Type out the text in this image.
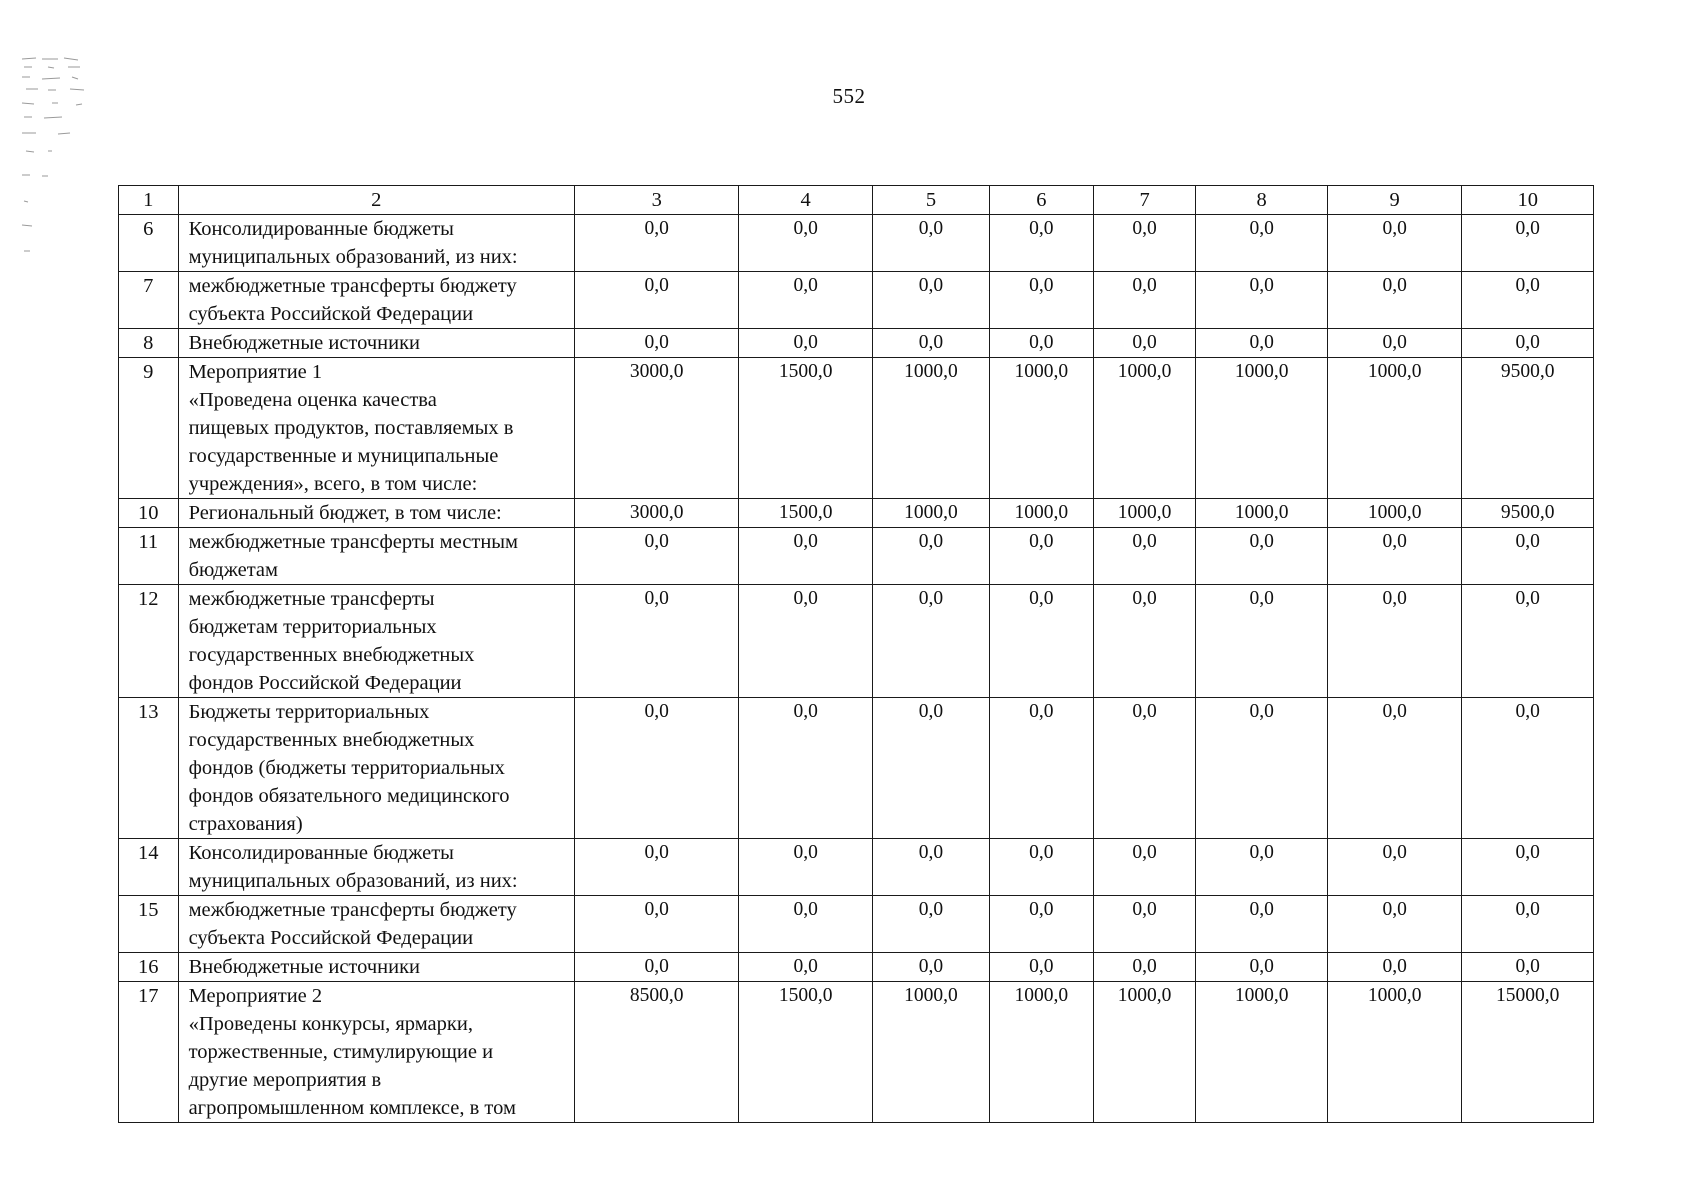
552
1	2	3	4	5	6	7	8	9	10
6	Консолидированные бюджеты
муниципальных образований, из них:	0,0	0,0	0,0	0,0	0,0	0,0	0,0	0,0
7	межбюджетные трансферты бюджету
субъекта Российской Федерации	0,0	0,0	0,0	0,0	0,0	0,0	0,0	0,0
8	Внебюджетные источники	0,0	0,0	0,0	0,0	0,0	0,0	0,0	0,0
9	Мероприятие 1
«Проведена оценка качества
пищевых продуктов, поставляемых в
государственные и муниципальные
учреждения», всего, в том числе:	3000,0	1500,0	1000,0	1000,0	1000,0	1000,0	1000,0	9500,0
10	Региональный бюджет, в том числе:	3000,0	1500,0	1000,0	1000,0	1000,0	1000,0	1000,0	9500,0
11	межбюджетные трансферты местным
бюджетам	0,0	0,0	0,0	0,0	0,0	0,0	0,0	0,0
12	межбюджетные трансферты
бюджетам территориальных
государственных внебюджетных
фондов Российской Федерации	0,0	0,0	0,0	0,0	0,0	0,0	0,0	0,0
13	Бюджеты территориальных
государственных внебюджетных
фондов (бюджеты территориальных
фондов обязательного медицинского
страхования)	0,0	0,0	0,0	0,0	0,0	0,0	0,0	0,0
14	Консолидированные бюджеты
муниципальных образований, из них:	0,0	0,0	0,0	0,0	0,0	0,0	0,0	0,0
15	межбюджетные трансферты бюджету
субъекта Российской Федерации	0,0	0,0	0,0	0,0	0,0	0,0	0,0	0,0
16	Внебюджетные источники	0,0	0,0	0,0	0,0	0,0	0,0	0,0	0,0
17	Мероприятие 2
«Проведены конкурсы, ярмарки,
торжественные, стимулирующие и
другие мероприятия в
агропромышленном комплексе, в том	8500,0	1500,0	1000,0	1000,0	1000,0	1000,0	1000,0	15000,0
